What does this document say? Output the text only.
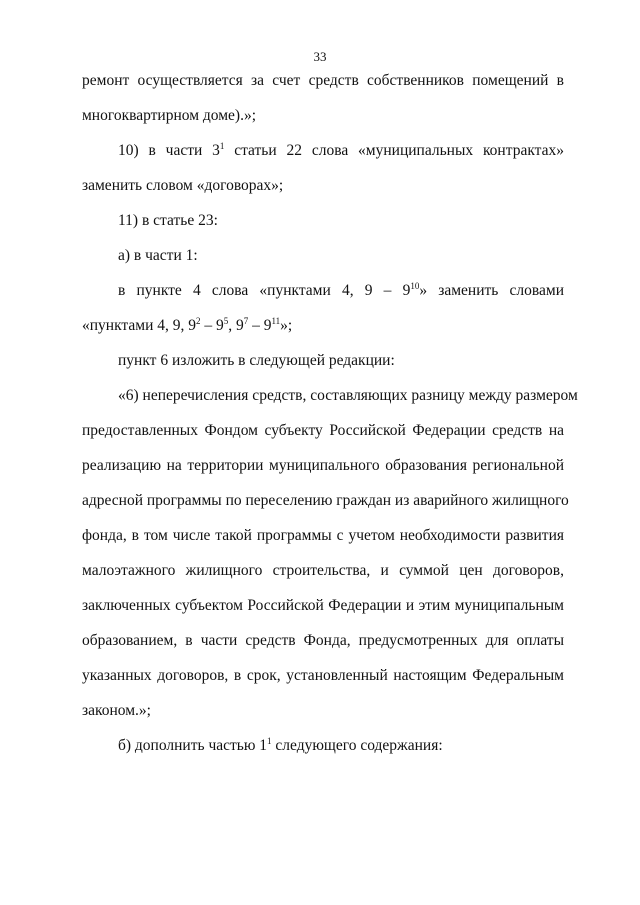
33
ремонт осуществляется за счет средств собственников помещений в
многоквартирном доме).»;
10) в части $3^1$ статьи 22 слова «муниципальных контрактах»
заменить словом «договорах»;
11) в статье 23:
а) в части 1:
в пункте 4 слова «пунктами 4, $9 - 9^{10}$» заменить словами
«пунктами 4, 9, $9^2 - 9^5$, $9^7 - 9^{11}$»;
пункт 6 изложить в следующей редакции:
«6) неперечисления средств, составляющих разницу между размером
предоставленных Фондом субъекту Российской Федерации средств на
реализацию на территории муниципального образования региональной
адресной программы по переселению граждан из аварийного жилищного
фонда, в том числе такой программы с учетом необходимости развития
малоэтажного жилищного строительства, и суммой цен договоров,
заключенных субъектом Российской Федерации и этим муниципальным
образованием, в части средств Фонда, предусмотренных для оплаты
указанных договоров, в срок, установленный настоящим Федеральным
законом.»;
б) дополнить частью $1^1$ следующего содержания:
